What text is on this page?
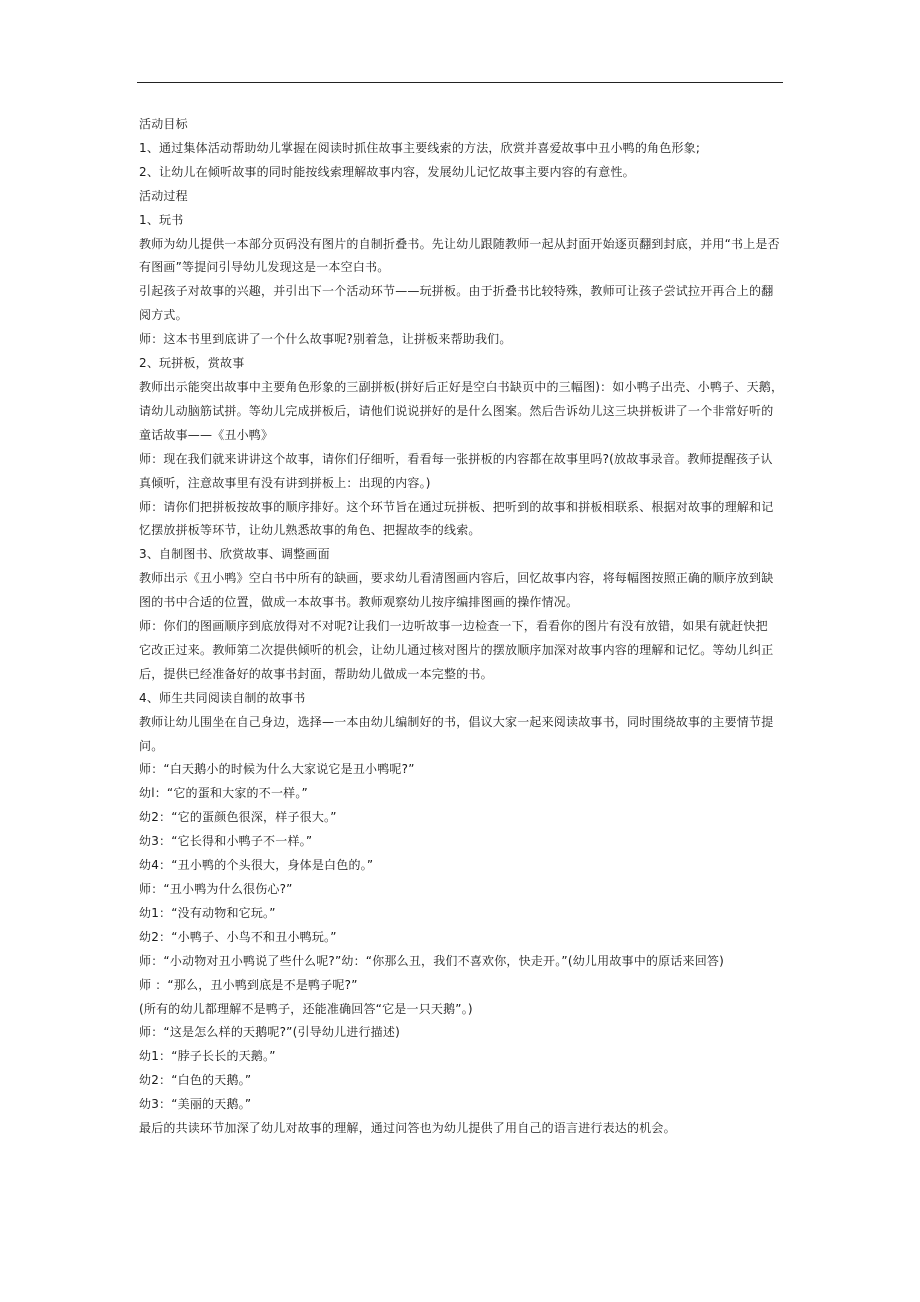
活动目标
1、通过集体活动帮助幼儿掌握在阅读时抓住故事主要线索的方法，欣赏并喜爱故事中丑小鸭的角色形象;
2、让幼儿在倾听故事的同时能按线索理解故事内容，发展幼儿记忆故事主要内容的有意性。
活动过程
1、玩书
教师为幼儿提供一本部分页码没有图片的自制折叠书。先让幼儿跟随教师一起从封面开始逐页翻到封底，并用“书上是否
有图画”等提问引导幼儿发现这是一本空白书。
引起孩子对故事的兴趣，并引出下一个活动环节——玩拼板。由于折叠书比较特殊，教师可让孩子尝试拉开再合上的翻
阅方式。
师：这本书里到底讲了一个什么故事呢?别着急，让拼板来帮助我们。
2、玩拼板，赏故事
教师出示能突出故事中主要角色形象的三副拼板(拼好后正好是空白书缺页中的三幅图)：如小鸭子出壳、小鸭子、天鹅，
请幼儿动脑筋试拼。等幼儿完成拼板后，请他们说说拼好的是什么图案。然后告诉幼儿这三块拼板讲了一个非常好听的
童话故事——《丑小鸭》
师：现在我们就来讲讲这个故事，请你们仔细听，看看每一张拼板的内容都在故事里吗?(放故事录音。教师提醒孩子认
真倾听，注意故事里有没有讲到拼板上：出现的内容。)
师：请你们把拼板按故事的顺序排好。这个环节旨在通过玩拼板、把听到的故事和拼板相联系、根据对故事的理解和记
忆摆放拼板等环节，让幼儿熟悉故事的角色、把握故李的线索。
3、自制图书、欣赏故事、调整画面
教师出示《丑小鸭》空白书中所有的缺画，要求幼儿看清图画内容后，回忆故事内容，将每幅图按照正确的顺序放到缺
图的书中合适的位置，做成一本故事书。教师观察幼儿按序编排图画的操作情况。
师：你们的图画顺序到底放得对不对呢?让我们一边听故事一边检查一下，看看你的图片有没有放错，如果有就赶快把
它改正过来。教师第二次提供倾听的机会，让幼儿通过核对图片的摆放顺序加深对故事内容的理解和记忆。等幼儿纠正
后，提供已经准备好的故事书封面，帮助幼儿做成一本完整的书。
4、师生共同阅读自制的故事书
教师让幼儿围坐在自己身边，选择—一本由幼儿编制好的书，倡议大家一起来阅读故事书，同时围绕故事的主要情节提
问。
师：“白天鹅小的时候为什么大家说它是丑小鸭呢?”
幼l：“它的蛋和大家的不一样。”
幼2：“它的蛋颜色很深，样子很大。”
幼3：“它长得和小鸭子不一样。”
幼4：“丑小鸭的个头很大，身体是白色的。”
师：“丑小鸭为什么很伤心?”
幼1：“没有动物和它玩。”
幼2：“小鸭子、小鸟不和丑小鸭玩。”
师：“小动物对丑小鸭说了些什么呢?”幼：“你那么丑，我们不喜欢你，快走开。”(幼儿用故事中的原话来回答)
师 ：“那么，丑小鸭到底是不是鸭子呢?”
(所有的幼儿都理解不是鸭子，还能准确回答“它是一只天鹅”。)
师：“这是怎么样的天鹅呢?”(引导幼儿进行描述)
幼1：“脖子长长的天鹅。”
幼2：“白色的天鹅。”
幼3：“美丽的天鹅。”
最后的共读环节加深了幼儿对故事的理解，通过问答也为幼儿提供了用自己的语言进行表达的机会。
